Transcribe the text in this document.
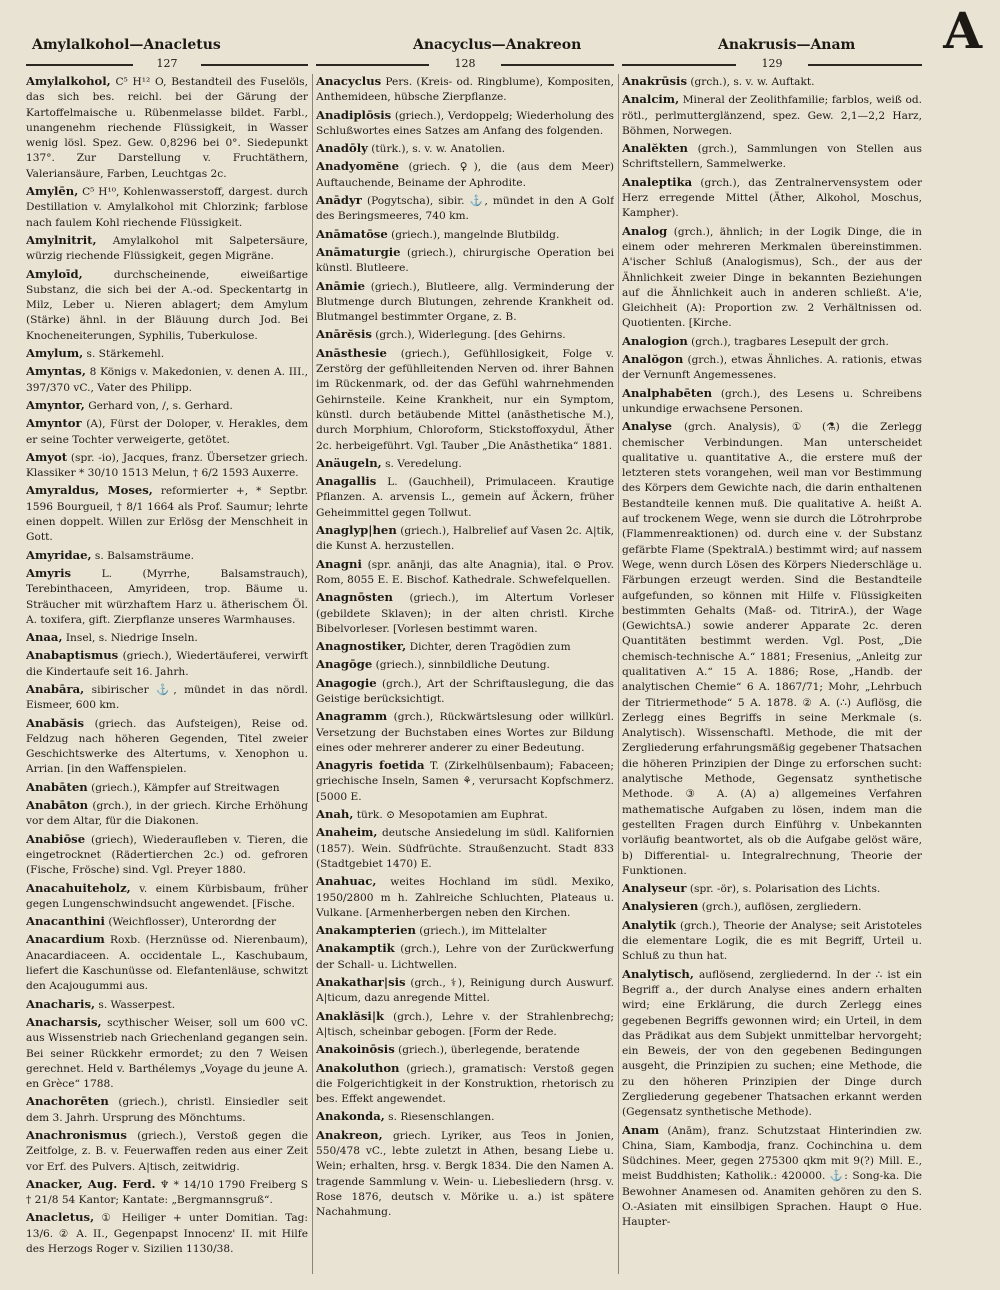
Amylalkohol—Anacletus	Anacyclus—Anakreon	Anakrusis—Anam A
127	128	129
Amylalkohol, C⁵ H¹² O, Bestandteil des Fuselöls, das sich bes. reichl. bei der Gärung der Kartoffelmaische u. Rübenmelasse bildet. Farbl., unangenehm riechende Flüssigkeit, in Wasser wenig lösl. Spez. Gew. 0,8296 bei 0°. Siedepunkt 137°. Zur Darstellung v. Fruchtäthern, Valeriansäure, Farben, Leuchtgas 2c.
Amylēn, C⁵ H¹⁰, Kohlenwasserstoff, dargest. durch Destillation v. Amylalkohol mit Chlorzink; farblose nach faulem Kohl riechende Flüssigkeit.
Amylnitrit, Amylalkohol mit Salpetersäure, würzig riechende Flüssigkeit, gegen Migräne.
Amyloīd,	durchscheinende, eiweißartige Substanz, die sich bei der A.-od. Speckentartg in Milz, Leber u. Nieren ablagert; dem Amylum (Stärke) ähnl. in der Bläuung durch Jod. Bei Knocheneiterungen, Syphilis, Tuberkulose.
Amylum, s. Stärkemehl.
Amyntas, 8 Königs v. Makedonien, v. denen A. III., 397/370 vC., Vater des Philipp.
Amyntor, Gerhard von, /, s. Gerhard.
Amyntor (A), Fürst der Doloper, v. Herakles, dem er seine Tochter verweigerte, getötet.
Amyot (spr. -io), Jacques, franz. Übersetzer griech. Klassiker * 30/10 1513 Melun, † 6/2 1593 Auxerre.
Amyraldus, Moses, reformierter +, * Septbr. 1596 Bourgueil, † 8/1 1664 als Prof. Saumur; lehrte einen doppelt. Willen zur Erlösg der Menschheit in Gott.
Amyridae, s. Balsamsträume.
Amyris	L. (Myrrhe, Balsamstrauch), Terebinthaceen, Amyrideen, trop. Bäume u. Sträucher mit würzhaftem Harz u. ätherischem Öl. A. toxifera, gift. Zierpflanze unseres Warmhauses.
Anaa, Insel, s. Niedrige Inseln.
Anabaptismus (griech.), Wiedertäuferei, verwirft die Kindertaufe seit 16. Jahrh.
Anabāra, sibirischer ⚓, mündet in das nördl. Eismeer, 600 km.
Anabăsis (griech. das Aufsteigen), Reise od. Feldzug nach höheren Gegenden, Titel zweier Geschichtswerke des Altertums, v. Xenophon u. Arrian. [in den Waffenspielen.
Anabāten (griech.), Kämpfer auf Streitwagen
Anabāton (grch.), in der griech. Kirche Erhöhung vor dem Altar, für die Diakonen.
Anabiōse (griech), Wiederaufleben v. Tieren, die eingetrocknet (Rädertierchen 2c.) od. gefroren (Fische, Frösche) sind. Vgl. Preyer 1880.
Anacahuiteholz, v. einem Kürbisbaum, früher gegen Lungenschwindsucht angewendet. [Fische.
Anacanthini (Weichflosser), Unterordng der
Anacardium Roxb. (Herznüsse od. Nierenbaum), Anacardiaceen. A. occidentale L., Kaschubaum, liefert die Kaschunüsse od. Elefantenläuse, schwitzt den Acajougummi aus.
Anacharis, s. Wasserpest.
Anacharsis, scythischer Weiser, soll um 600 vC. aus Wissenstrieb nach Griechenland gegangen sein. Bei seiner Rückkehr ermordet; zu den 7 Weisen gerechnet. Held v. Barthélemys „Voyage du jeune A. en Grèce“ 1788.
Anachorēten (griech.), christl. Einsiedler seit dem 3. Jahrh. Ursprung des Mönchtums.
Anachronismus (griech.), Verstoß gegen die Zeitfolge, z. B. v. Feuerwaffen reden aus einer Zeit vor Erf. des Pulvers. A|tisch, zeitwidrig.
Anacker, Aug. Ferd. ♆ * 14/10 1790 Freiberg S † 21/8 54 Kantor; Kantate: „Bergmannsgruß“.
Anacletus, ① Heiliger + unter Domitian. Tag: 13/6. ② A. II., Gegenpapst Innocenz' II. mit Hilfe des Herzogs Roger v. Sizilien 1130/38.
Anacyclus Pers. (Kreis- od. Ringblume), Kompositen, Anthemideen, hübsche Zierpflanze.
Anadiplōsis (griech.), Verdoppelg; Wiederholung des Schlußwortes eines Satzes am Anfang des folgenden.
Anadōly (türk.), s. v. w. Anatolien.
Anadyomĕne (griech. ♀), die (aus dem Meer) Auftauchende, Beiname der Aphrodite.
Anādyr (Pogytscha), sibir. ⚓, mündet in den A Golf des Beringsmeeres, 740 km.
Anāmatōse (griech.), mangelnde Blutbildg.
Anāmaturgie (griech.), chirurgische Operation bei künstl. Blutleere.
Anāmie (griech.), Blutleere, allg. Verminderung der Blutmenge durch Blutungen, zehrende Krankheit od. Blutmangel bestimmter Organe, z. B.
Anārĕsis (grch.), Widerlegung. [des Gehirns.
Anāsthesie (griech.), Gefühllosigkeit, Folge v. Zerstörg der gefühlleitenden Nerven od. ihrer Bahnen im Rückenmark, od. der das Gefühl wahrnehmenden Gehirnsteile. Keine Krankheit, nur ein Symptom, künstl. durch betäubende Mittel (anāsthetische M.), durch Morphium, Chloroform, Stickstoffoxydul, Äther 2c. herbeigeführt. Vgl. Tauber „Die Anāsthetika“ 1881.
Anäugeln, s. Veredelung.
Anagallis L. (Gauchheil), Primulaceen. Krautige Pflanzen. A. arvensis L., gemein auf Äckern, früher Geheimmittel gegen Tollwut.
Anaglyp|hen (griech.), Halbrelief auf Vasen 2c. A|tik, die Kunst A. herzustellen.
Anagni (spr. anānji, das alte Anagnia), ital. ⊙ Prov. Rom, 8055 E. E. Bischof. Kathedrale. Schwefelquellen.
Anagnōsten (griech.), im Altertum Vorleser (gebildete Sklaven); in der alten christl. Kirche Bibelvorleser. [Vorlesen bestimmt waren.
Anagnostiker, Dichter, deren Tragödien zum
Anagōge (griech.), sinnbildliche Deutung.
Anagogie (grch.), Art der Schriftauslegung, die das Geistige berücksichtigt.
Anagramm (grch.), Rückwärtslesung oder willkürl. Versetzung der Buchstaben eines Wortes zur Bildung eines oder mehrerer anderer zu einer Bedeutung.
Anagyris foetida T. (Zirkelhülsenbaum); Fabaceen; griechische Inseln, Samen ⚘, verursacht Kopfschmerz. [5000 E.
Anah, türk. ⊙ Mesopotamien am Euphrat.
Anaheim, deutsche Ansiedelung im südl. Kalifornien (1857). Wein. Südfrüchte. Straußenzucht. Stadt 833 (Stadtgebiet 1470) E.
Anahuac, weites Hochland im südl. Mexiko, 1950/2800 m h. Zahlreiche Schluchten, Plateaus u. Vulkane. [Armenherbergen neben den Kirchen.
Anakampterien (griech.), im Mittelalter
Anakamptik (grch.), Lehre von der Zurückwerfung der Schall- u. Lichtwellen.
Anakathar|sis (grch., ⚕), Reinigung durch Auswurf. A|ticum, dazu anregende Mittel.
Anaklăsi|k (grch.), Lehre v. der Strahlenbrechg; A|tisch, scheinbar gebogen. [Form der Rede.
Anakoinōsis (griech.), überlegende, beratende
Anakoluthon (griech.), gramatisch: Verstoß gegen die Folgerichtigkeit in der Konstruktion, rhetorisch zu bes. Effekt angewendet.
Anakonda, s. Riesenschlangen.
Anakreon, griech. Lyriker, aus Teos in Jonien, 550/478 vC., lebte zuletzt in Athen, besang Liebe u. Wein; erhalten, hrsg. v. Bergk 1834. Die den Namen A. tragende Sammlung v. Wein- u. Liebesliedern (hrsg. v. Rose 1876, deutsch v. Mörike u. a.) ist spätere Nachahmung.
Anakrūsis (grch.), s. v. w. Auftakt.
Analcim, Mineral der Zeolithfamilie; farblos, weiß od. rötl., perlmutterglänzend, spez. Gew. 2,1—2,2 Harz, Böhmen, Norwegen.
Analĕkten (grch.), Sammlungen von Stellen aus Schriftstellern, Sammelwerke.
Analeptika (grch.), das Zentralnervensystem oder Herz erregende Mittel (Äther, Alkohol, Moschus, Kampher).
Analog (grch.), ähnlich; in der Logik Dinge, die in einem oder mehreren Merkmalen übereinstimmen. A'ischer Schluß (Analogismus), Sch., der aus der Ähnlichkeit zweier Dinge in bekannten Beziehungen auf die Ähnlichkeit auch in anderen schließt. A'ie, Gleichheit (A): Proportion zw. 2 Verhältnissen od. Quotienten. [Kirche.
Analogion (grch.), tragbares Lesepult der grch.
Analŏgon (grch.), etwas Ähnliches. A. rationis, etwas der Vernunft Angemessenes.
Analphabēten (grch.), des Lesens u. Schreibens unkundige erwachsene Personen.
Analyse (grch. Analysis), ① (⚗) die Zerlegg chemischer Verbindungen. Man unterscheidet qualitative u. quantitative A., die erstere muß der letzteren stets vorangehen, weil man vor Bestimmung des Körpers dem Gewichte nach, die darin enthaltenen Bestandteile kennen muß. Die qualitative A. heißt A. auf trockenem Wege, wenn sie durch die Lötrohrprobe (Flammenreaktionen) od. durch eine v. der Substanz gefärbte Flame (SpektralA.) bestimmt wird; auf nassem Wege, wenn durch Lösen des Körpers Niederschläge u. Färbungen erzeugt werden. Sind die Bestandteile aufgefunden, so können mit Hilfe v. Flüssigkeiten bestimmten Gehalts (Maß- od. TitrirA.), der Wage (GewichtsA.) sowie anderer Apparate 2c. deren Quantitäten bestimmt werden. Vgl. Post, „Die chemisch-technische A.“ 1881; Fresenius, „Anleitg zur qualitativen A.“ 15 A. 1886; Rose, „Handb. der analytischen Chemie“ 6 A. 1867/71; Mohr, „Lehrbuch der Titriermethode“ 5 A. 1878. ② A. (∴) Auflösg, die Zerlegg eines Begriffs in seine Merkmale (s. Analytisch). Wissenschaftl. Methode, die mit der Zergliederung erfahrungsmäßig gegebener Thatsachen die höheren Prinzipien der Dinge zu erforschen sucht: analytische Methode, Gegensatz synthetische Methode. ③ A. (A) a) allgemeines Verfahren mathematische Aufgaben zu lösen, indem man die gestellten Fragen durch Einführg v. Unbekannten vorläufig beantwortet, als ob die Aufgabe gelöst wäre, b) Differential- u. Integralrechnung, Theorie der Funktionen.
Analyseur (spr. -ör), s. Polarisation des Lichts.
Analysieren (grch.), auflösen, zergliedern.
Analytik (grch.), Theorie der Analyse; seit Aristoteles die elementare Logik, die es mit Begriff, Urteil u. Schluß zu thun hat.
Analytisch, auflösend, zergliedernd. In der ∴ ist ein Begriff a., der durch Analyse eines andern erhalten wird; eine Erklärung, die durch Zerlegg eines gegebenen Begriffs gewonnen wird; ein Urteil, in dem das Prädikat aus dem Subjekt unmittelbar hervorgeht; ein Beweis, der von den gegebenen Bedingungen ausgeht, die Prinzipien zu suchen; eine Methode, die zu den höheren Prinzipien der Dinge durch Zergliederung gegebener Thatsachen erkannt werden (Gegensatz synthetische Methode).
Anam (Anām), franz. Schutzstaat Hinterindien zw. China, Siam, Kambodja, franz. Cochinchina u. dem Südchines. Meer, gegen 275300 qkm mit 9(?) Mill. E., meist Buddhisten; Katholik.: 420000. ⚓: Song-ka. Die Bewohner Anamesen od. Anamiten gehören zu den S. O.-Asiaten mit einsilbigen Sprachen. Haupt ⊙ Hue. Haupter-
